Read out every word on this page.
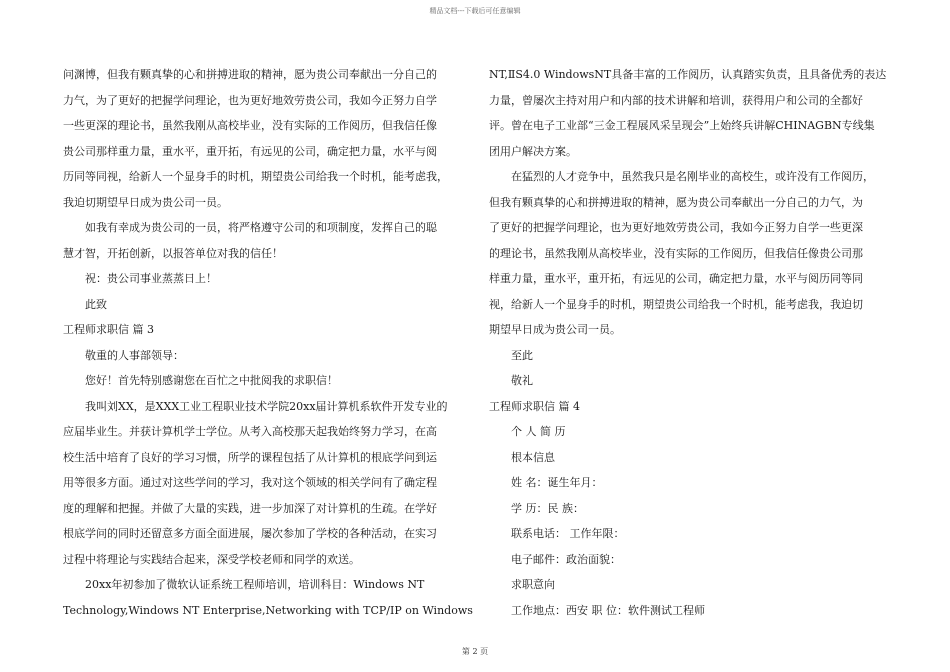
精品文档---下载后可任意编辑
问渊博，但我有颗真挚的心和拼搏进取的精神，愿为贵公司奉献出一分自己的
力气，为了更好的把握学问理论，也为更好地效劳贵公司，我如今正努力自学
一些更深的理论书，虽然我刚从高校毕业，没有实际的工作阅历，但我信任像
贵公司那样重力量，重水平，重开拓，有远见的公司，确定把力量，水平与阅
历同等同视，给新人一个显身手的时机，期望贵公司给我一个时机，能考虑我，
我迫切期望早日成为贵公司一员。
如我有幸成为贵公司的一员，将严格遵守公司的和项制度，发挥自己的聪
慧才智，开拓创新，以报答单位对我的信任！
祝：贵公司事业蒸蒸日上！
此致
工程师求职信 篇 3
敬重的人事部领导：
您好！首先特别感谢您在百忙之中批阅我的求职信！
我叫刘XX，是XXX工业工程职业技术学院20xx届计算机系软件开发专业的
应届毕业生。并获计算机学士学位。从考入高校那天起我始终努力学习，在高
校生活中培育了良好的学习习惯，所学的课程包括了从计算机的根底学问到运
用等很多方面。通过对这些学问的学习，我对这个领域的相关学问有了确定程
度的理解和把握。并做了大量的实践，进一步加深了对计算机的生疏。在学好
根底学问的同时还留意多方面全面进展，屡次参加了学校的各种活动，在实习
过程中将理论与实践结合起来，深受学校老师和同学的欢送。
20xx年初参加了微软认证系统工程师培训，培训科目：Windows NT
Technology,Windows NT Enterprise,Networking with TCP/IP on Windows
NT,ⅡS4.0 WindowsNT具备丰富的工作阅历，认真踏实负责，且具备优秀的表达
力量，曾屡次主持对用户和内部的技术讲解和培训，获得用户和公司的全都好
评。曾在电子工业部“三金工程展风采呈现会”上始终兵讲解CHINAGBN专线集
团用户解决方案。
在猛烈的人才竞争中，虽然我只是名刚毕业的高校生，或许没有工作阅历，
但我有颗真挚的心和拼搏进取的精神，愿为贵公司奉献出一分自己的力气，为
了更好的把握学问理论，也为更好地效劳贵公司，我如今正努力自学一些更深
的理论书，虽然我刚从高校毕业，没有实际的工作阅历，但我信任像贵公司那
样重力量，重水平，重开拓，有远见的公司，确定把力量，水平与阅历同等同
视，给新人一个显身手的时机，期望贵公司给我一个时机，能考虑我，我迫切
期望早日成为贵公司一员。
至此
敬礼
工程师求职信 篇 4
个 人 简 历
根本信息
姓 名：诞生年月：
学 历：民 族：
联系电话： 工作年限：
电子邮件：政治面貌：
求职意向
工作地点：西安 职 位：软件测试工程师
第 2 页
